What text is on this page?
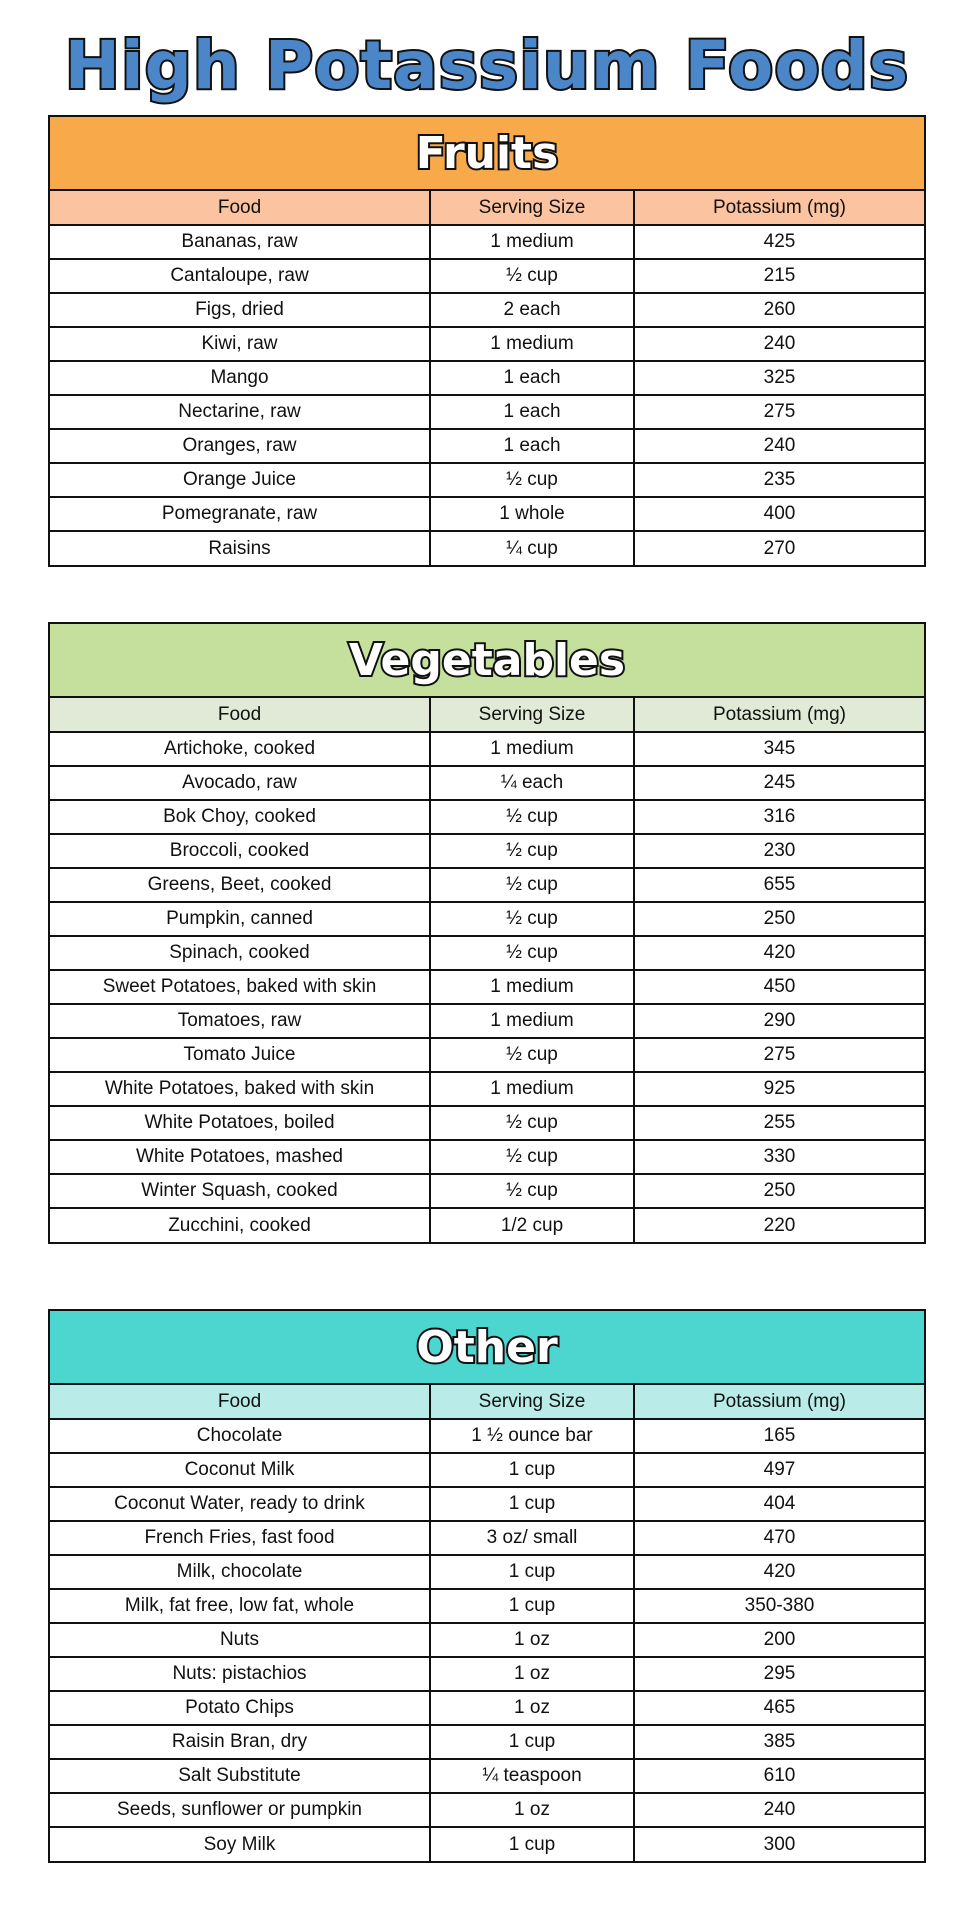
High Potassium Foods
Fruits
Food	Serving Size	Potassium (mg)
Bananas, raw	1 medium	425
Cantaloupe, raw	½ cup	215
Figs, dried	2 each	260
Kiwi, raw	1 medium	240
Mango	1 each	325
Nectarine, raw	1 each	275
Oranges, raw	1 each	240
Orange Juice	½ cup	235
Pomegranate, raw	1 whole	400
Raisins	¼ cup	270
Vegetables
Food	Serving Size	Potassium (mg)
Artichoke, cooked	1 medium	345
Avocado, raw	¼ each	245
Bok Choy, cooked	½ cup	316
Broccoli, cooked	½ cup	230
Greens, Beet, cooked	½ cup	655
Pumpkin, canned	½ cup	250
Spinach, cooked	½ cup	420
Sweet Potatoes, baked with skin	1 medium	450
Tomatoes, raw	1 medium	290
Tomato Juice	½ cup	275
White Potatoes, baked with skin	1 medium	925
White Potatoes, boiled	½ cup	255
White Potatoes, mashed	½ cup	330
Winter Squash, cooked	½ cup	250
Zucchini, cooked	1/2 cup	220
Other
Food	Serving Size	Potassium (mg)
Chocolate	1 ½ ounce bar	165
Coconut Milk	1 cup	497
Coconut Water, ready to drink	1 cup	404
French Fries, fast food	3 oz/ small	470
Milk, chocolate	1 cup	420
Milk, fat free, low fat, whole	1 cup	350-380
Nuts	1 oz	200
Nuts: pistachios	1 oz	295
Potato Chips	1 oz	465
Raisin Bran, dry	1 cup	385
Salt Substitute	¼ teaspoon	610
Seeds, sunflower or pumpkin	1 oz	240
Soy Milk	1 cup	300
